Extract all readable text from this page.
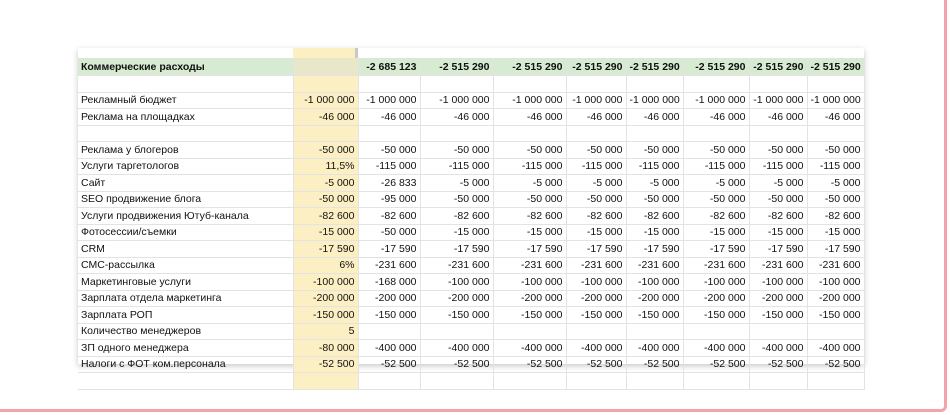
Коммерческие расходы		-2 685 123	-2 515 290	-2 515 290	-2 515 290	-2 515 290	-2 515 290	-2 515 290	-2 515 290

Рекламный бюджет	-1 000 000	-1 000 000	-1 000 000	-1 000 000	-1 000 000	-1 000 000	-1 000 000	-1 000 000	-1 000 000
Реклама на площадках	-46 000	-46 000	-46 000	-46 000	-46 000	-46 000	-46 000	-46 000	-46 000

Реклама у блогеров	-50 000	-50 000	-50 000	-50 000	-50 000	-50 000	-50 000	-50 000	-50 000
Услуги таргетологов	11,5%	-115 000	-115 000	-115 000	-115 000	-115 000	-115 000	-115 000	-115 000
Сайт	-5 000	-26 833	-5 000	-5 000	-5 000	-5 000	-5 000	-5 000	-5 000
SEO продвижение блога	-50 000	-95 000	-50 000	-50 000	-50 000	-50 000	-50 000	-50 000	-50 000
Услуги продвижения Ютуб-канала	-82 600	-82 600	-82 600	-82 600	-82 600	-82 600	-82 600	-82 600	-82 600
Фотосессии/съемки	-15 000	-50 000	-15 000	-15 000	-15 000	-15 000	-15 000	-15 000	-15 000
CRM	-17 590	-17 590	-17 590	-17 590	-17 590	-17 590	-17 590	-17 590	-17 590
СМС-рассылка	6%	-231 600	-231 600	-231 600	-231 600	-231 600	-231 600	-231 600	-231 600
Маркетинговые услуги	-100 000	-168 000	-100 000	-100 000	-100 000	-100 000	-100 000	-100 000	-100 000
Зарплата отдела маркетинга	-200 000	-200 000	-200 000	-200 000	-200 000	-200 000	-200 000	-200 000	-200 000
Зарплата РОП	-150 000	-150 000	-150 000	-150 000	-150 000	-150 000	-150 000	-150 000	-150 000
Количество менеджеров	5								
ЗП одного менеджера	-80 000	-400 000	-400 000	-400 000	-400 000	-400 000	-400 000	-400 000	-400 000
Налоги с ФОТ ком.персонала	-52 500	-52 500	-52 500	-52 500	-52 500	-52 500	-52 500	-52 500	-52 500
